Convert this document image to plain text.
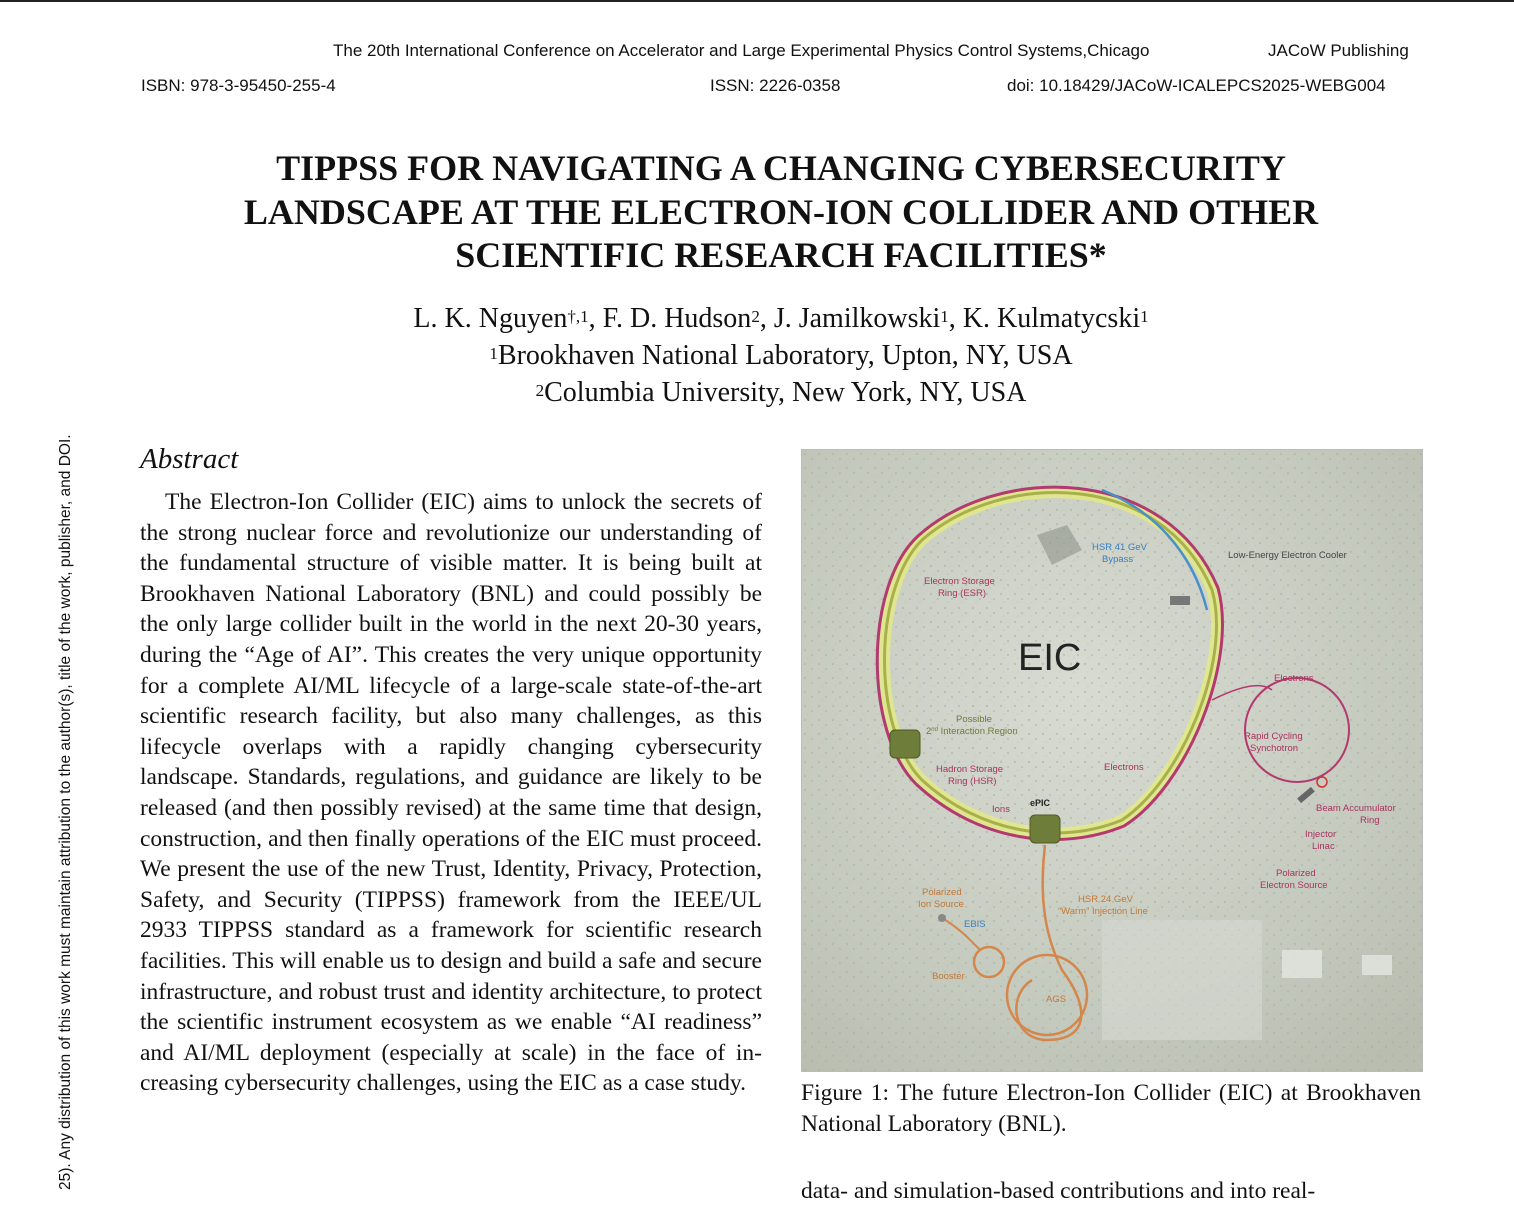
The 20th International Conference on Accelerator and Large Experimental Physics Control Systems,Chicago	JACoW Publishing
ISBN: 978-3-95450-255-4	ISSN: 2226-0358	doi: 10.18429/JACoW-ICALEPCS2025-WEBG004
25). Any distribution of this work must maintain attribution to the author(s), title of the work, publisher, and DOI.
TIPPSS FOR NAVIGATING A CHANGING CYBERSECURITY
LANDSCAPE AT THE ELECTRON-ION COLLIDER AND OTHER
SCIENTIFIC RESEARCH FACILITIES*
L. K. Nguyen$^{\dagger,1}$, F. D. Hudson$^2$, J. Jamilkowski$^1$, K. Kulmatycski$^1$
$^1$Brookhaven National Laboratory, Upton, NY, USA
$^2$Columbia University, New York, NY, USA
Abstract

The Electron-Ion Collider (EIC) aims to unlock the secrets of the strong nuclear force and revolutionize our understanding of the fundamental structure of visible matter. It is being built at Brookhaven National Laboratory (BNL) and could possibly be the only large collider built in the world in the next 20-30 years, during the “Age of AI”. This creates the very unique opportunity for a complete AI/ML lifecycle of a large-scale state-of-the-art scientific research facility, but also many challenges, as this lifecycle overlaps with a rapidly changing cybersecurity landscape. Standards, regulations, and guidance are likely to be released (and then possibly revised) at the same time that design, construction, and then finally operations of the EIC must proceed. We present the use of the new Trust, Identity, Privacy, Protection, Safety, and Security (TIPPSS) framework from the IEEE/UL 2933 TIPPSS standard as a framework for scientific research facilities. This will enable us to design and build a safe and secure infrastructure, and robust trust and identity architecture, to protect the scientific instrument ecosystem as we enable “AI readiness” and AI/ML deployment (especially at scale) in the face of increasing cybersecurity challenges, using the EIC as a case study.

EIC
HSR 41 GeV
Bypass	Low-Energy Electron Cooler
Electron Storage
Ring (ESR)
Electrons
Rapid Cycling
Synchotron
Possible
2nd Interaction Region
Hadron Storage
Ring (HSR)
Electrons
Ions
ePIC	Beam Accumulator
Ring
Injector
Linac
Polarized
Electron Source
Polarized
Ion Source
EBIS
HSR 24 GeV
“Warm” Injection Line
Booster
AGS

Figure 1: The future Electron-Ion Collider (EIC) at Brookhaven National Laboratory (BNL).

data- and simulation-based contributions and into real-
